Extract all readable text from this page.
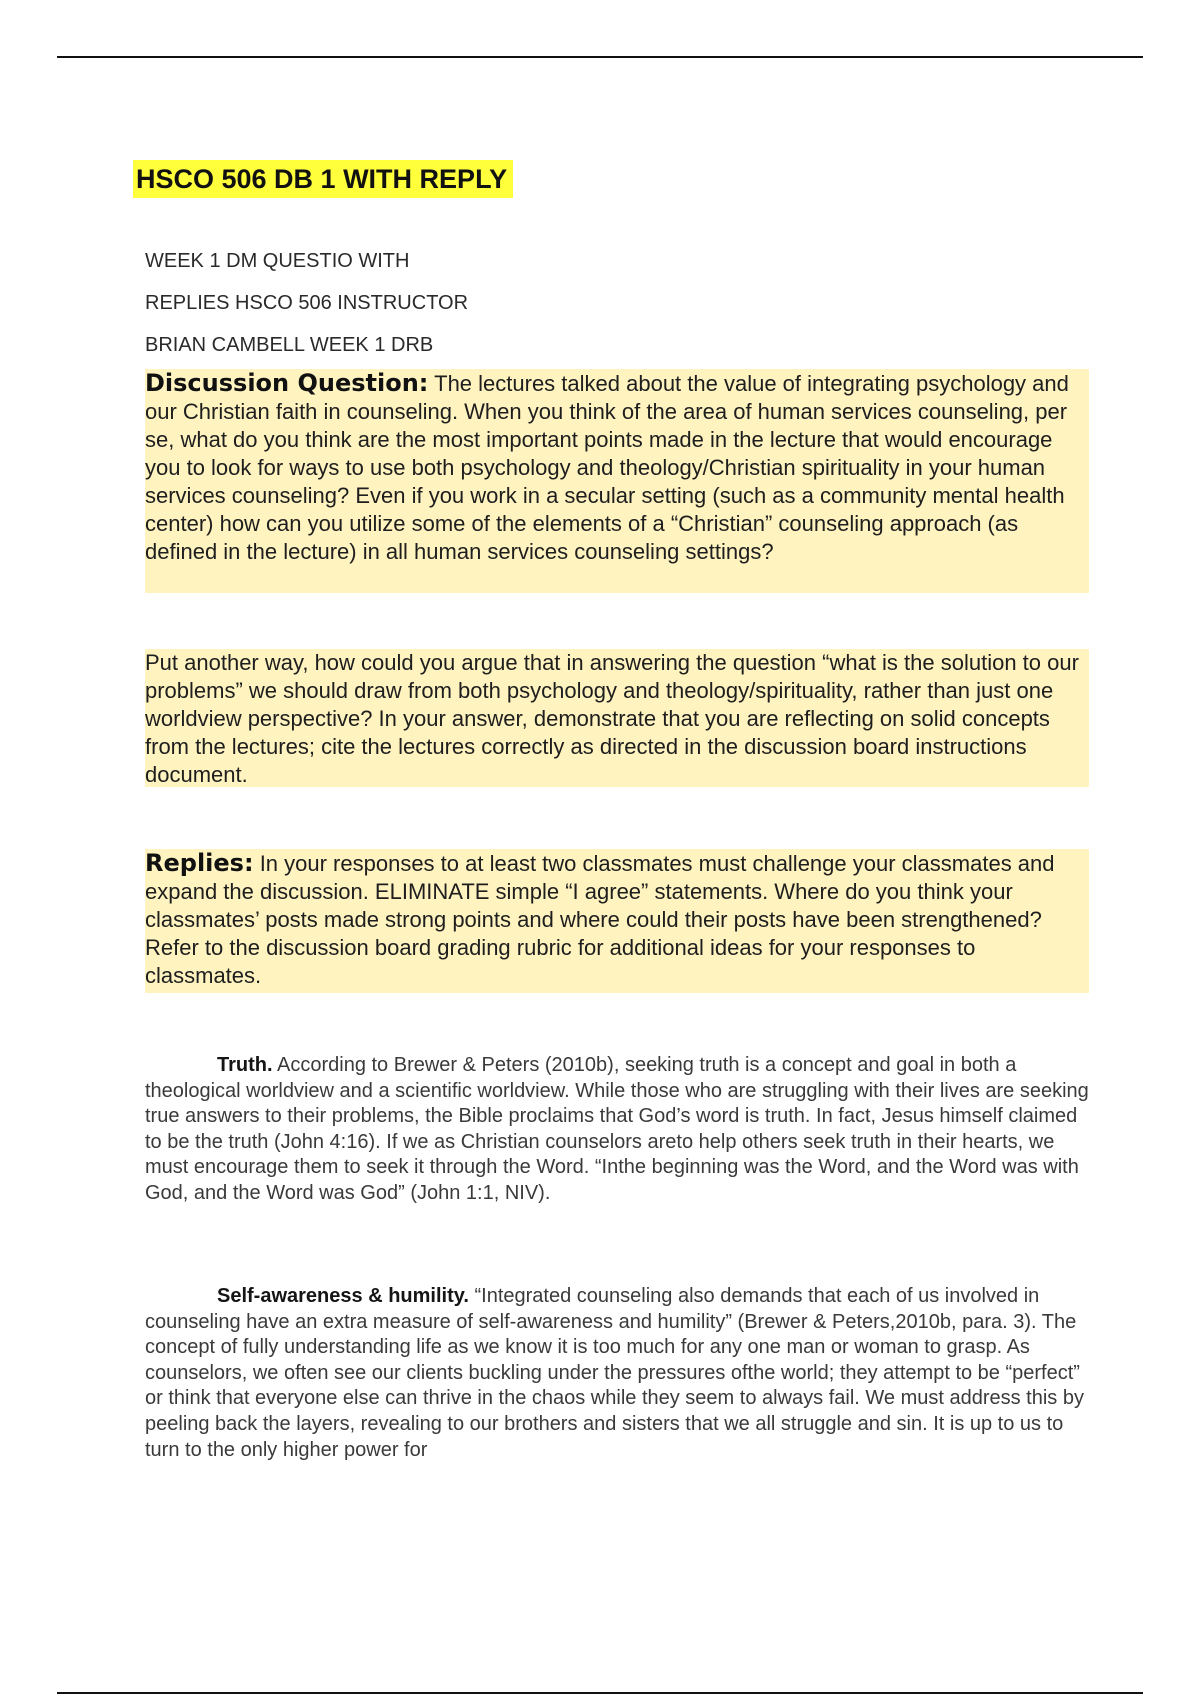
HSCO 506 DB 1 WITH REPLY
WEEK 1 DM QUESTIO WITH
REPLIES HSCO 506 INSTRUCTOR
BRIAN CAMBELL WEEK 1 DRB

Discussion Question: The lectures talked about the value of integrating psychology and our Christian faith in counseling. When you think of the area of human services counseling, per se, what do you think are the most important points made in the lecture that would encourage you to look for ways to use both psychology and theology/Christian spirituality in your human services counseling? Even if you work in a secular setting (such as a community mental health center) how can you utilize some of the elements of a “Christian” counseling approach (as defined in the lecture) in all human services counseling settings?

Put another way, how could you argue that in answering the question “what is the solution to our problems” we should draw from both psychology and theology/spirituality, rather than just one worldview perspective? In your answer, demonstrate that you are reflecting on solid concepts from the lectures; cite the lectures correctly as directed in the discussion board instructions document.

Replies: In your responses to at least two classmates must challenge your classmates and expand the discussion. ELIMINATE simple “I agree” statements. Where do you think your classmates’ posts made strong points and where could their posts have been strengthened? Refer to the discussion board grading rubric for additional ideas for your responses to classmates.

Truth. According to Brewer & Peters (2010b), seeking truth is a concept and goal in both a theological worldview and a scientific worldview. While those who are struggling with their lives are seeking true answers to their problems, the Bible proclaims that God’s word is truth. In fact, Jesus himself claimed to be the truth (John 4:16). If we as Christian counselors areto help others seek truth in their hearts, we must encourage them to seek it through the Word. “Inthe beginning was the Word, and the Word was with God, and the Word was God” (John 1:1, NIV).

Self-awareness & humility. “Integrated counseling also demands that each of us involved in counseling have an extra measure of self-awareness and humility” (Brewer & Peters,2010b, para. 3). The concept of fully understanding life as we know it is too much for any one man or woman to grasp. As counselors, we often see our clients buckling under the pressures ofthe world; they attempt to be “perfect” or think that everyone else can thrive in the chaos while they seem to always fail. We must address this by peeling back the layers, revealing to our brothers and sisters that we all struggle and sin. It is up to us to turn to the only higher power for
